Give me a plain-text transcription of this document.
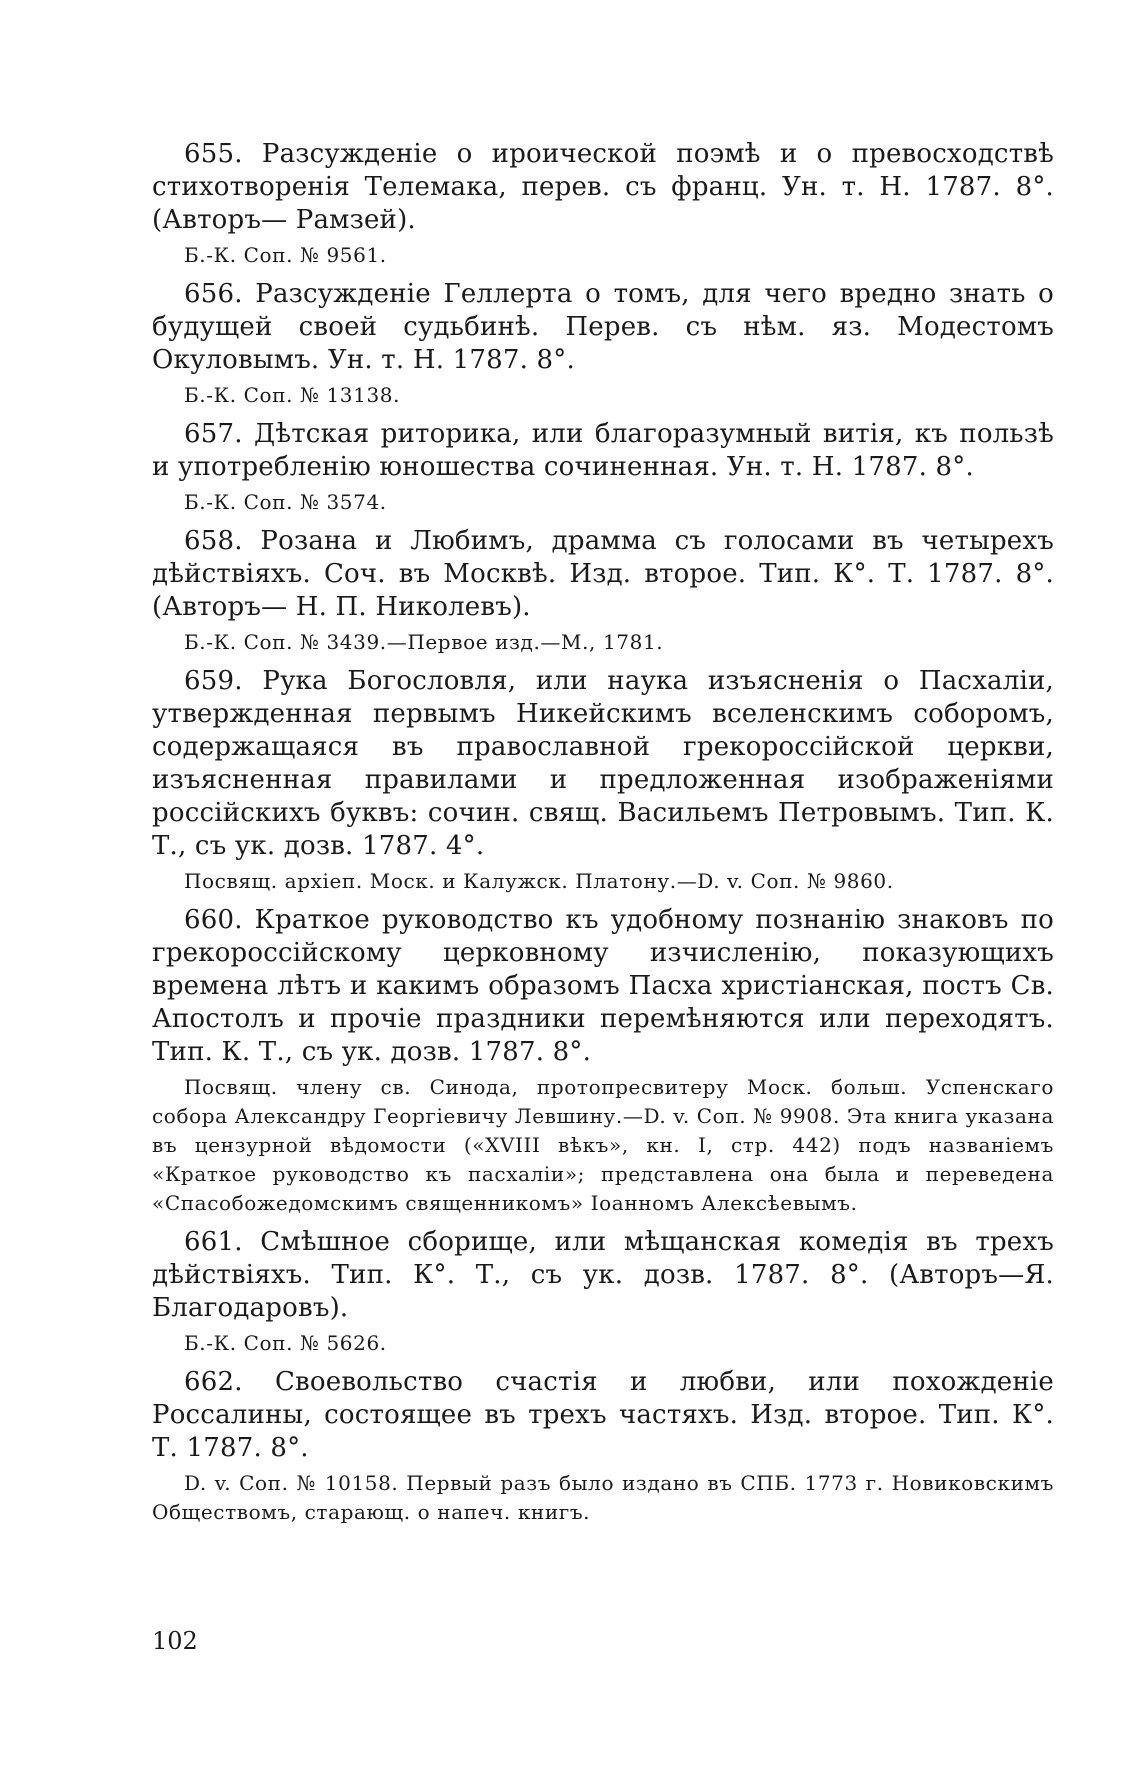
655. Разсужденіе о ироической поэмѣ и о превосходствѣ стихотворенія Телемака, перев. съ франц. Ун. т. Н. 1787. 8°. (Авторъ— Рамзей).

Б.-К. Соп. № 9561.

656. Разсужденіе Геллерта о томъ, для чего вредно знать о будущей своей судьбинѣ. Перев. съ нѣм. яз. Модестомъ Окуловымъ. Ун. т. Н. 1787. 8°.

Б.-К. Соп. № 13138.

657. Дѣтская риторика, или благоразумный витія, къ пользѣ и употребленію юношества сочиненная. Ун. т. Н. 1787. 8°.

Б.-К. Соп. № 3574.

658. Розана и Любимъ, драмма съ голосами въ четырехъ дѣйствіяхъ. Соч. въ Москвѣ. Изд. второе. Тип. К°. Т. 1787. 8°. (Авторъ— Н. П. Николевъ).

Б.-К. Соп. № 3439.—Первое изд.—М., 1781.

659. Рука Богословля, или наука изъясненія о Пасхаліи, утвержденная первымъ Никейскимъ вселенскимъ соборомъ, содержащаяся въ православной грекороссійской церкви, изъясненная правилами и предложенная изображеніями россійскихъ буквъ: сочин. свящ. Васильемъ Петровымъ. Тип. К. Т., съ ук. дозв. 1787. 4°.

Посвящ. архіеп. Моск. и Калужск. Платону.—D. v. Соп. № 9860.

660. Краткое руководство къ удобному познанію знаковъ по грекороссійскому церковному изчисленію, показующихъ времена лѣтъ и какимъ образомъ Пасха христіанская, постъ Св. Апостолъ и прочіе праздники перемѣняются или переходятъ. Тип. К. Т., съ ук. дозв. 1787. 8°.

Посвящ. члену св. Синода, протопресвитеру Моск. больш. Успенскаго собора Александру Георгіевичу Левшину.—D. v. Соп. № 9908. Эта книга указана въ цензурной вѣдомости («XVIII вѣкъ», кн. I, стр. 442) подъ названіемъ «Краткое руководство къ пасхаліи»; представлена она была и переведена «Спасобожедомскимъ священникомъ» Іоанномъ Алексѣевымъ.

661. Смѣшное сборище, или мѣщанская комедія въ трехъ дѣйствіяхъ. Тип. К°. Т., съ ук. дозв. 1787. 8°. (Авторъ—Я. Благодаровъ).

Б.-К. Соп. № 5626.

662. Своевольство счастія и любви, или похожденіе Россалины, состоящее въ трехъ частяхъ. Изд. второе. Тип. К°. Т. 1787. 8°.

D. v. Соп. № 10158. Первый разъ было издано въ СПБ. 1773 г. Новиковскимъ Обществомъ, старающ. о напеч. книгъ.

102
